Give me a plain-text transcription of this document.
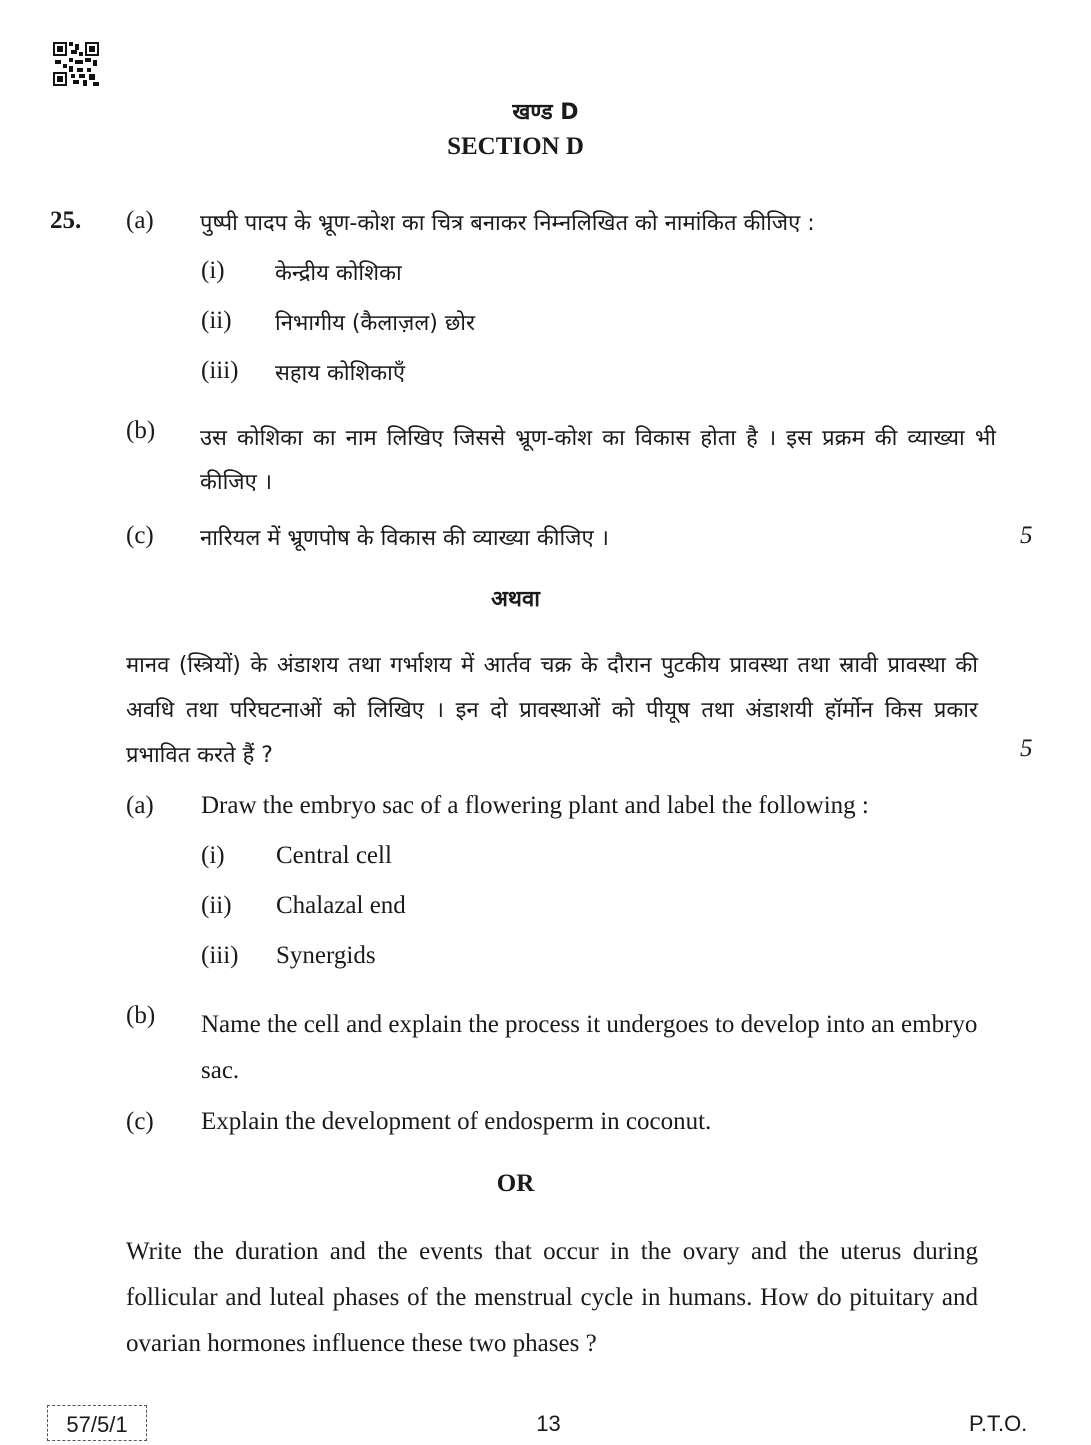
खण्ड D
SECTION D
25. (a) पुष्पी पादप के भ्रूण-कोश का चित्र बनाकर निम्नलिखित को नामांकित कीजिए :
(i) केन्द्रीय कोशिका
(ii) निभागीय (कैलाज़ल) छोर
(iii) सहाय कोशिकाएँ
(b) उस कोशिका का नाम लिखिए जिससे भ्रूण-कोश का विकास होता है । इस प्रक्रम की व्याख्या भी कीजिए ।
(c) नारियल में भ्रूणपोष के विकास की व्याख्या कीजिए ।	5
अथवा
मानव (स्त्रियों) के अंडाशय तथा गर्भाशय में आर्तव चक्र के दौरान पुटकीय प्रावस्था तथा स्रावी प्रावस्था की अवधि तथा परिघटनाओं को लिखिए । इन दो प्रावस्थाओं को पीयूष तथा अंडाशयी हॉर्मोन किस प्रकार प्रभावित करते हैं ?	5
(a) Draw the embryo sac of a flowering plant and label the following :
(i) Central cell
(ii) Chalazal end
(iii) Synergids
(b) Name the cell and explain the process it undergoes to develop into an embryo sac.
(c) Explain the development of endosperm in coconut.
OR
Write the duration and the events that occur in the ovary and the uterus during follicular and luteal phases of the menstrual cycle in humans. How do pituitary and ovarian hormones influence these two phases ?
57/5/1	13	P.T.O.
